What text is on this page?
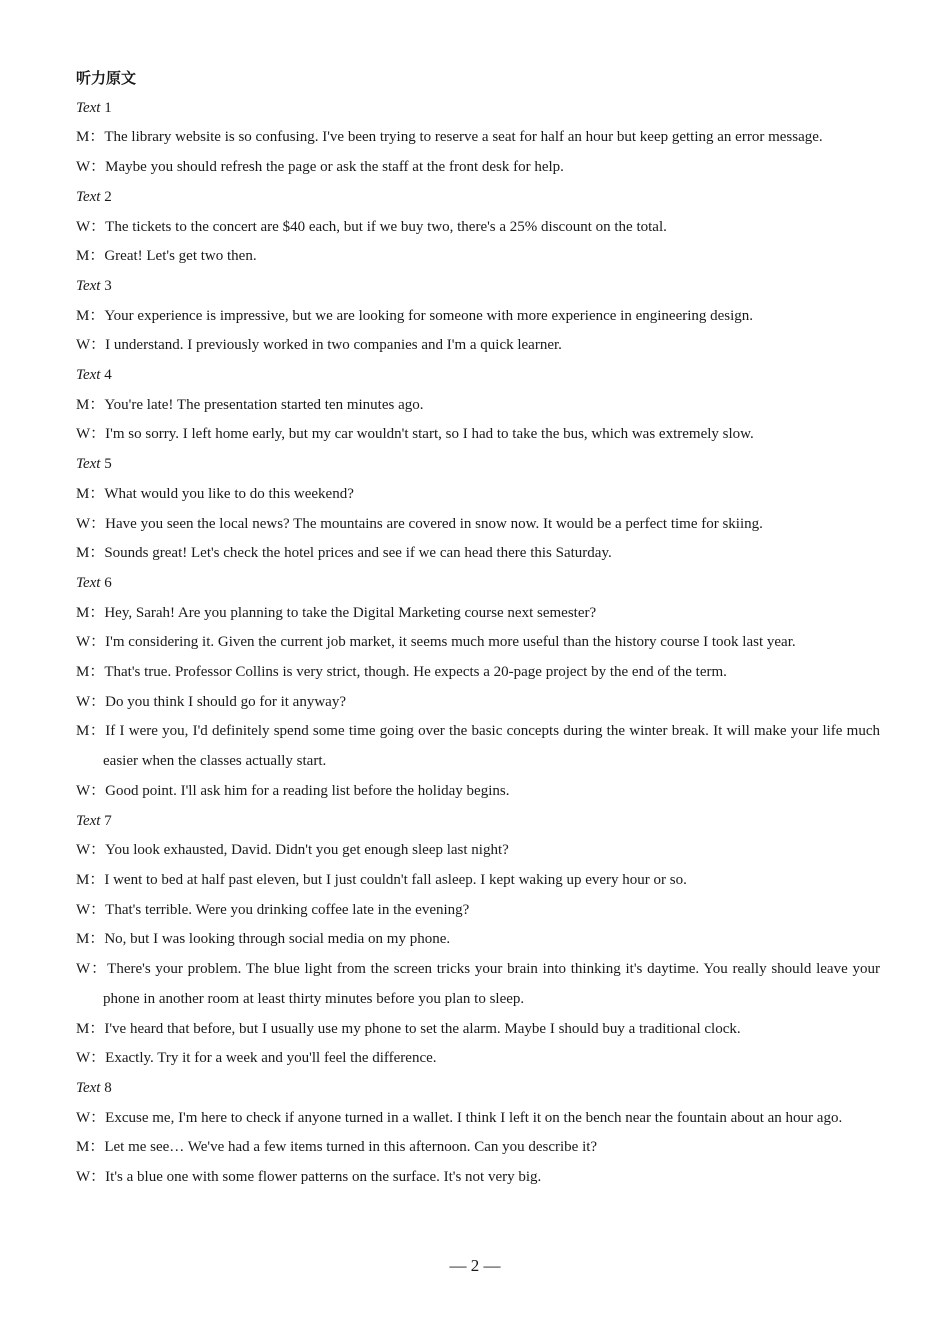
听力原文
Text 1
M：The library website is so confusing. I've been trying to reserve a seat for half an hour but keep getting an error message.
W：Maybe you should refresh the page or ask the staff at the front desk for help.
Text 2
W：The tickets to the concert are $40 each, but if we buy two, there's a 25% discount on the total.
M：Great! Let's get two then.
Text 3
M：Your experience is impressive, but we are looking for someone with more experience in engineering design.
W：I understand. I previously worked in two companies and I'm a quick learner.
Text 4
M：You're late! The presentation started ten minutes ago.
W：I'm so sorry. I left home early, but my car wouldn't start, so I had to take the bus, which was extremely slow.
Text 5
M：What would you like to do this weekend?
W：Have you seen the local news? The mountains are covered in snow now. It would be a perfect time for skiing.
M：Sounds great! Let's check the hotel prices and see if we can head there this Saturday.
Text 6
M：Hey, Sarah! Are you planning to take the Digital Marketing course next semester?
W：I'm considering it. Given the current job market, it seems much more useful than the history course I took last year.
M：That's true. Professor Collins is very strict, though. He expects a 20-page project by the end of the term.
W：Do you think I should go for it anyway?
M：If I were you, I'd definitely spend some time going over the basic concepts during the winter break. It will make your life much easier when the classes actually start.
W：Good point. I'll ask him for a reading list before the holiday begins.
Text 7
W：You look exhausted, David. Didn't you get enough sleep last night?
M：I went to bed at half past eleven, but I just couldn't fall asleep. I kept waking up every hour or so.
W：That's terrible. Were you drinking coffee late in the evening?
M：No, but I was looking through social media on my phone.
W：There's your problem. The blue light from the screen tricks your brain into thinking it's daytime. You really should leave your phone in another room at least thirty minutes before you plan to sleep.
M：I've heard that before, but I usually use my phone to set the alarm. Maybe I should buy a traditional clock.
W：Exactly. Try it for a week and you'll feel the difference.
Text 8
W：Excuse me, I'm here to check if anyone turned in a wallet. I think I left it on the bench near the fountain about an hour ago.
M：Let me see… We've had a few items turned in this afternoon. Can you describe it?
W：It's a blue one with some flower patterns on the surface. It's not very big.
— 2 —
